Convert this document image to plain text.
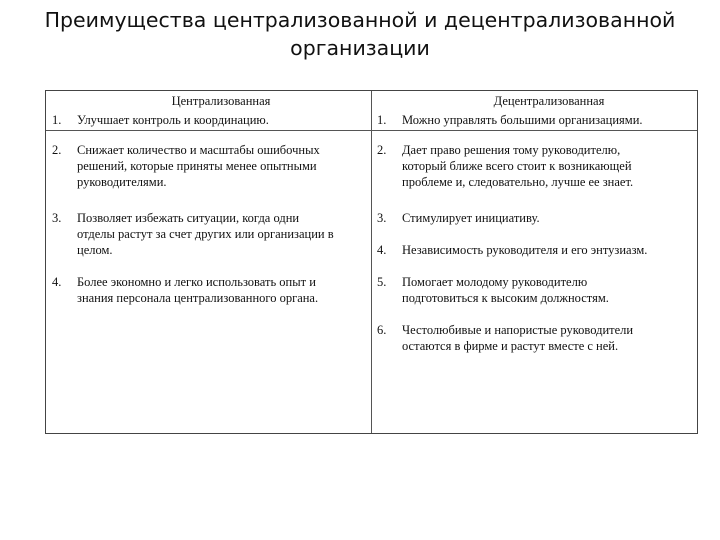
Преимущества централизованной и децентрализованной
организации
Централизованная	Децентрализованная
1. Улучшает контроль и координацию.
2. Снижает количество и масштабы ошибочных
решений, которые приняты менее опытными
руководителями.
3. Позволяет избежать ситуации, когда одни
отделы растут за счет других или организации в
целом.
4. Более экономно и легко использовать опыт и
знания персонала централизованного органа.
1. Можно управлять большими организациями.
2. Дает право решения тому руководителю,
который ближе всего стоит к возникающей
проблеме и, следовательно, лучше ее знает.
3. Стимулирует инициативу.
4. Независимость руководителя и его энтузиазм.
5. Помогает молодому руководителю
подготовиться к высоким должностям.
6. Честолюбивые и напористые руководители
остаются в фирме и растут вместе с ней.
